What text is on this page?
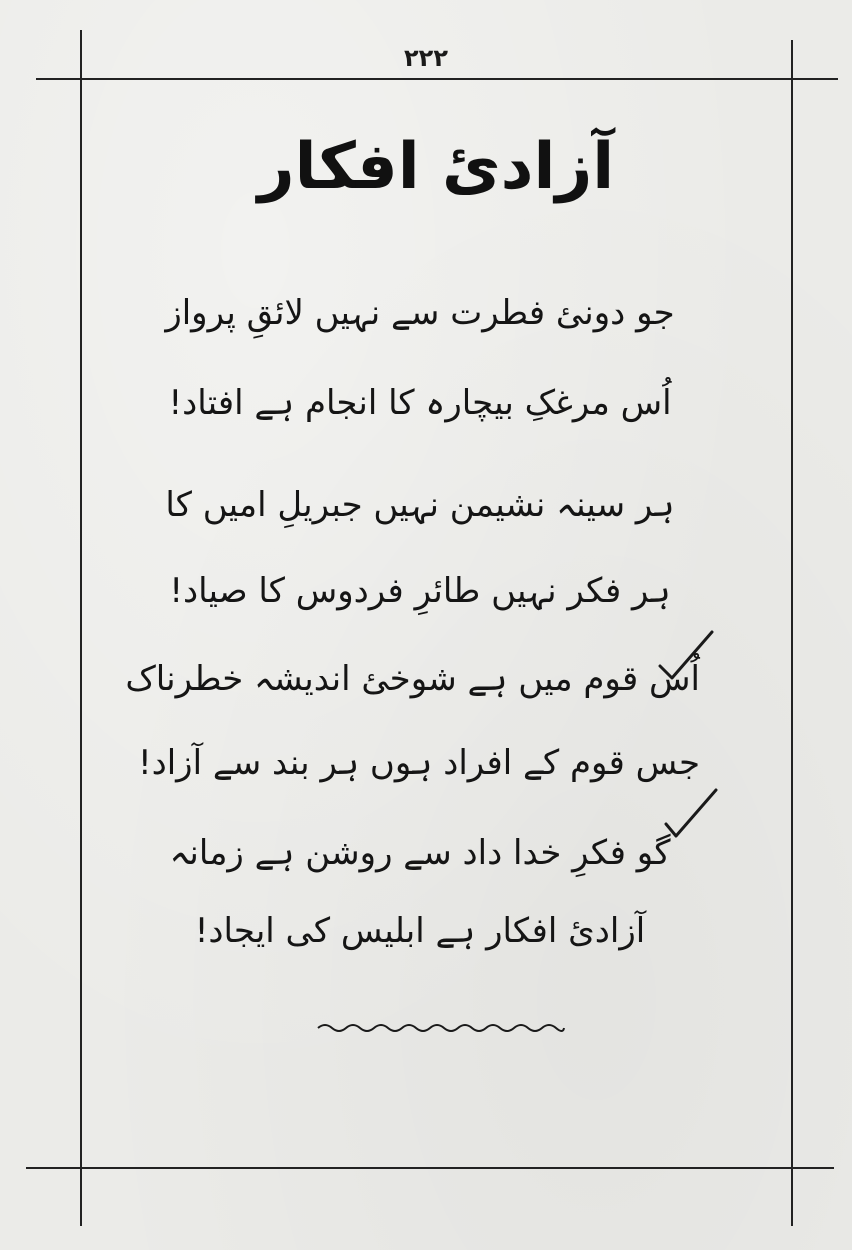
۲۲۲
آزادئ افکار
جو دونئ فطرت سے نہیں لائقِ پرواز
اُس مرغکِ بیچارہ کا انجام ہے افتاد!
ہر سینہ نشیمن نہیں جبریلِ امیں کا
ہر فکر نہیں طائرِ فردوس کا صیاد!
اُس قوم میں ہے شوخئ اندیشہ خطرناک
جس قوم کے افراد ہوں ہر بند سے آزاد!
گو فکرِ خدا داد سے روشن ہے زمانہ
آزادئ افکار ہے ابلیس کی ایجاد!
